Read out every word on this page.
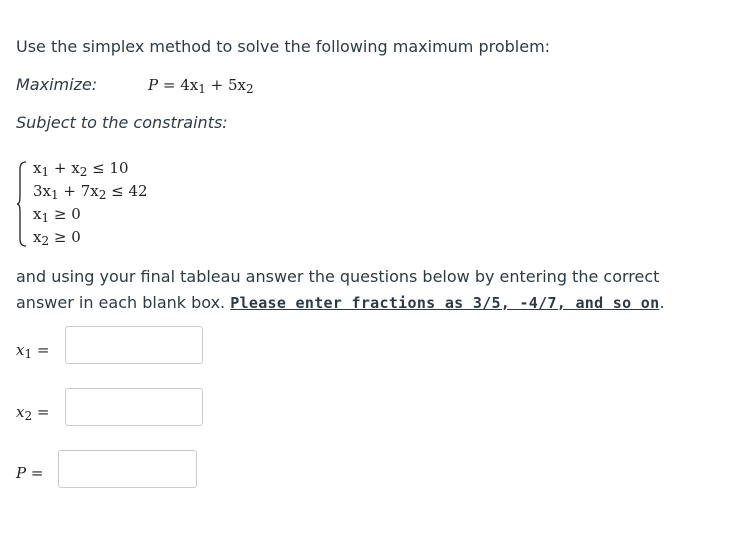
Use the simplex method to solve the following maximum problem:
Maximize:	$P = 4x_1 + 5x_2$
Subject to the constraints:
$x_1 + x_2 \le 10$
$3x_1 + 7x_2 \le 42$
$x_1 \ge 0$
$x_2 \ge 0$
and using your final tableau answer the questions below by entering the correct answer in each blank box. Please enter fractions as 3/5, -4/7, and so on.
$x_1$ =
$x_2$ =
P =
